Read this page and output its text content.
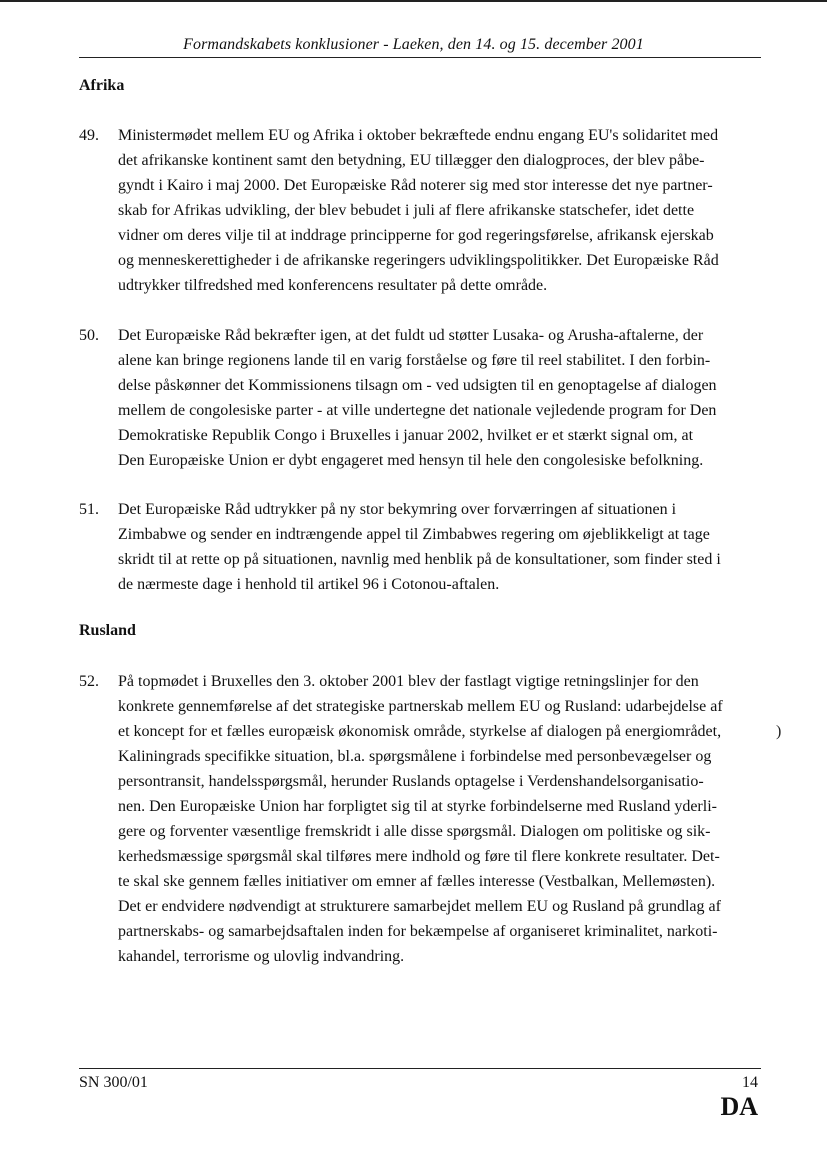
Formandskabets konklusioner - Laeken, den 14. og 15. december 2001
Afrika
49. Ministermødet mellem EU og Afrika i oktober bekræftede endnu engang EU's solidaritet med
det afrikanske kontinent samt den betydning, EU tillægger den dialogproces, der blev påbe-
gyndt i Kairo i maj 2000. Det Europæiske Råd noterer sig med stor interesse det nye partner-
skab for Afrikas udvikling, der blev bebudet i juli af flere afrikanske statschefer, idet dette
vidner om deres vilje til at inddrage principperne for god regeringsførelse, afrikansk ejerskab
og menneskerettigheder i de afrikanske regeringers udviklingspolitikker. Det Europæiske Råd
udtrykker tilfredshed med konferencens resultater på dette område.
50. Det Europæiske Råd bekræfter igen, at det fuldt ud støtter Lusaka- og Arusha-aftalerne, der
alene kan bringe regionens lande til en varig forståelse og føre til reel stabilitet. I den forbin-
delse påskønner det Kommissionens tilsagn om - ved udsigten til en genoptagelse af dialogen
mellem de congolesiske parter - at ville undertegne det nationale vejledende program for Den
Demokratiske Republik Congo i Bruxelles i januar 2002, hvilket er et stærkt signal om, at
Den Europæiske Union er dybt engageret med hensyn til hele den congolesiske befolkning.
51. Det Europæiske Råd udtrykker på ny stor bekymring over forværringen af situationen i
Zimbabwe og sender en indtrængende appel til Zimbabwes regering om øjeblikkeligt at tage
skridt til at rette op på situationen, navnlig med henblik på de konsultationer, som finder sted i
de nærmeste dage i henhold til artikel 96 i Cotonou-aftalen.
Rusland
52. På topmødet i Bruxelles den 3. oktober 2001 blev der fastlagt vigtige retningslinjer for den
konkrete gennemførelse af det strategiske partnerskab mellem EU og Rusland: udarbejdelse af
et koncept for et fælles europæisk økonomisk område, styrkelse af dialogen på energiområdet,
Kaliningrads specifikke situation, bl.a. spørgsmålene i forbindelse med personbevægelser og
persontransit, handelsspørgsmål, herunder Ruslands optagelse i Verdenshandelsorganisatio-
nen. Den Europæiske Union har forpligtet sig til at styrke forbindelserne med Rusland yderli-
gere og forventer væsentlige fremskridt i alle disse spørgsmål. Dialogen om politiske og sik-
kerhedsmæssige spørgsmål skal tilføres mere indhold og føre til flere konkrete resultater. Det-
te skal ske gennem fælles initiativer om emner af fælles interesse (Vestbalkan, Mellemøsten).
Det er endvidere nødvendigt at strukturere samarbejdet mellem EU og Rusland på grundlag af
partnerskabs- og samarbejdsaftalen inden for bekæmpelse af organiseret kriminalitet, narkoti-
kahandel, terrorisme og ulovlig indvandring.
)
SN 300/01	14
DA
